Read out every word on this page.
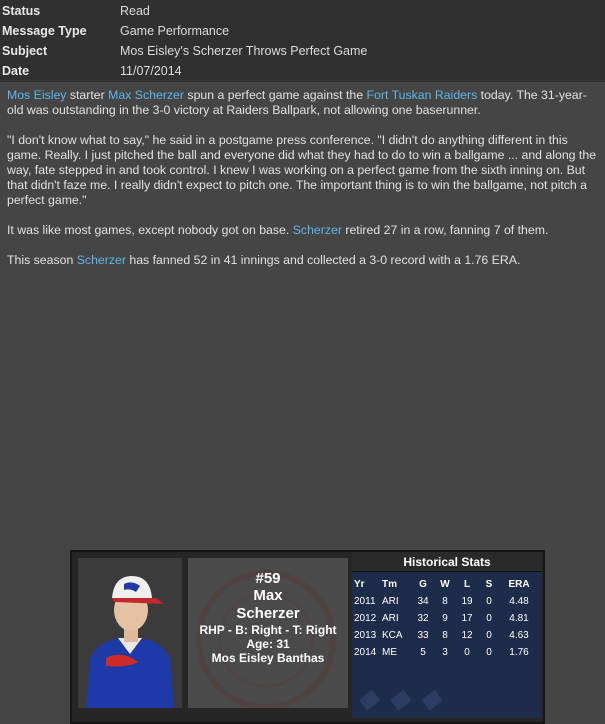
Status	Read
Message Type	Game Performance
Subject	Mos Eisley's Scherzer Throws Perfect Game
Date	11/07/2014

Mos Eisley starter Max Scherzer spun a perfect game against the Fort Tuskan Raiders today. The 31-year-old was outstanding in the 3-0 victory at Raiders Ballpark, not allowing one baserunner.

"I don't know what to say," he said in a postgame press conference. "I didn't do anything different in this game. Really. I just pitched the ball and everyone did what they had to do to win a ballgame ... and along the way, fate stepped in and took control. I knew I was working on a perfect game from the sixth inning on. But that didn't faze me. I really didn't expect to pitch one. The important thing is to win the ballgame, not pitch a perfect game."

It was like most games, except nobody got on base. Scherzer retired 27 in a row, fanning 7 of them.

This season Scherzer has fanned 52 in 41 innings and collected a 3-0 record with a 1.76 ERA.

#59
Max
Scherzer
RHP - B: Right - T: Right
Age: 31
Mos Eisley Banthas
Historical Stats
Yr	Tm	G	W	L	S	ERA
2011	ARI	34	8	19	0	4.48
2012	ARI	32	9	17	0	4.81
2013	KCA	33	8	12	0	4.63
2014	ME	5	3	0	0	1.76
◆ ◆ ◆
